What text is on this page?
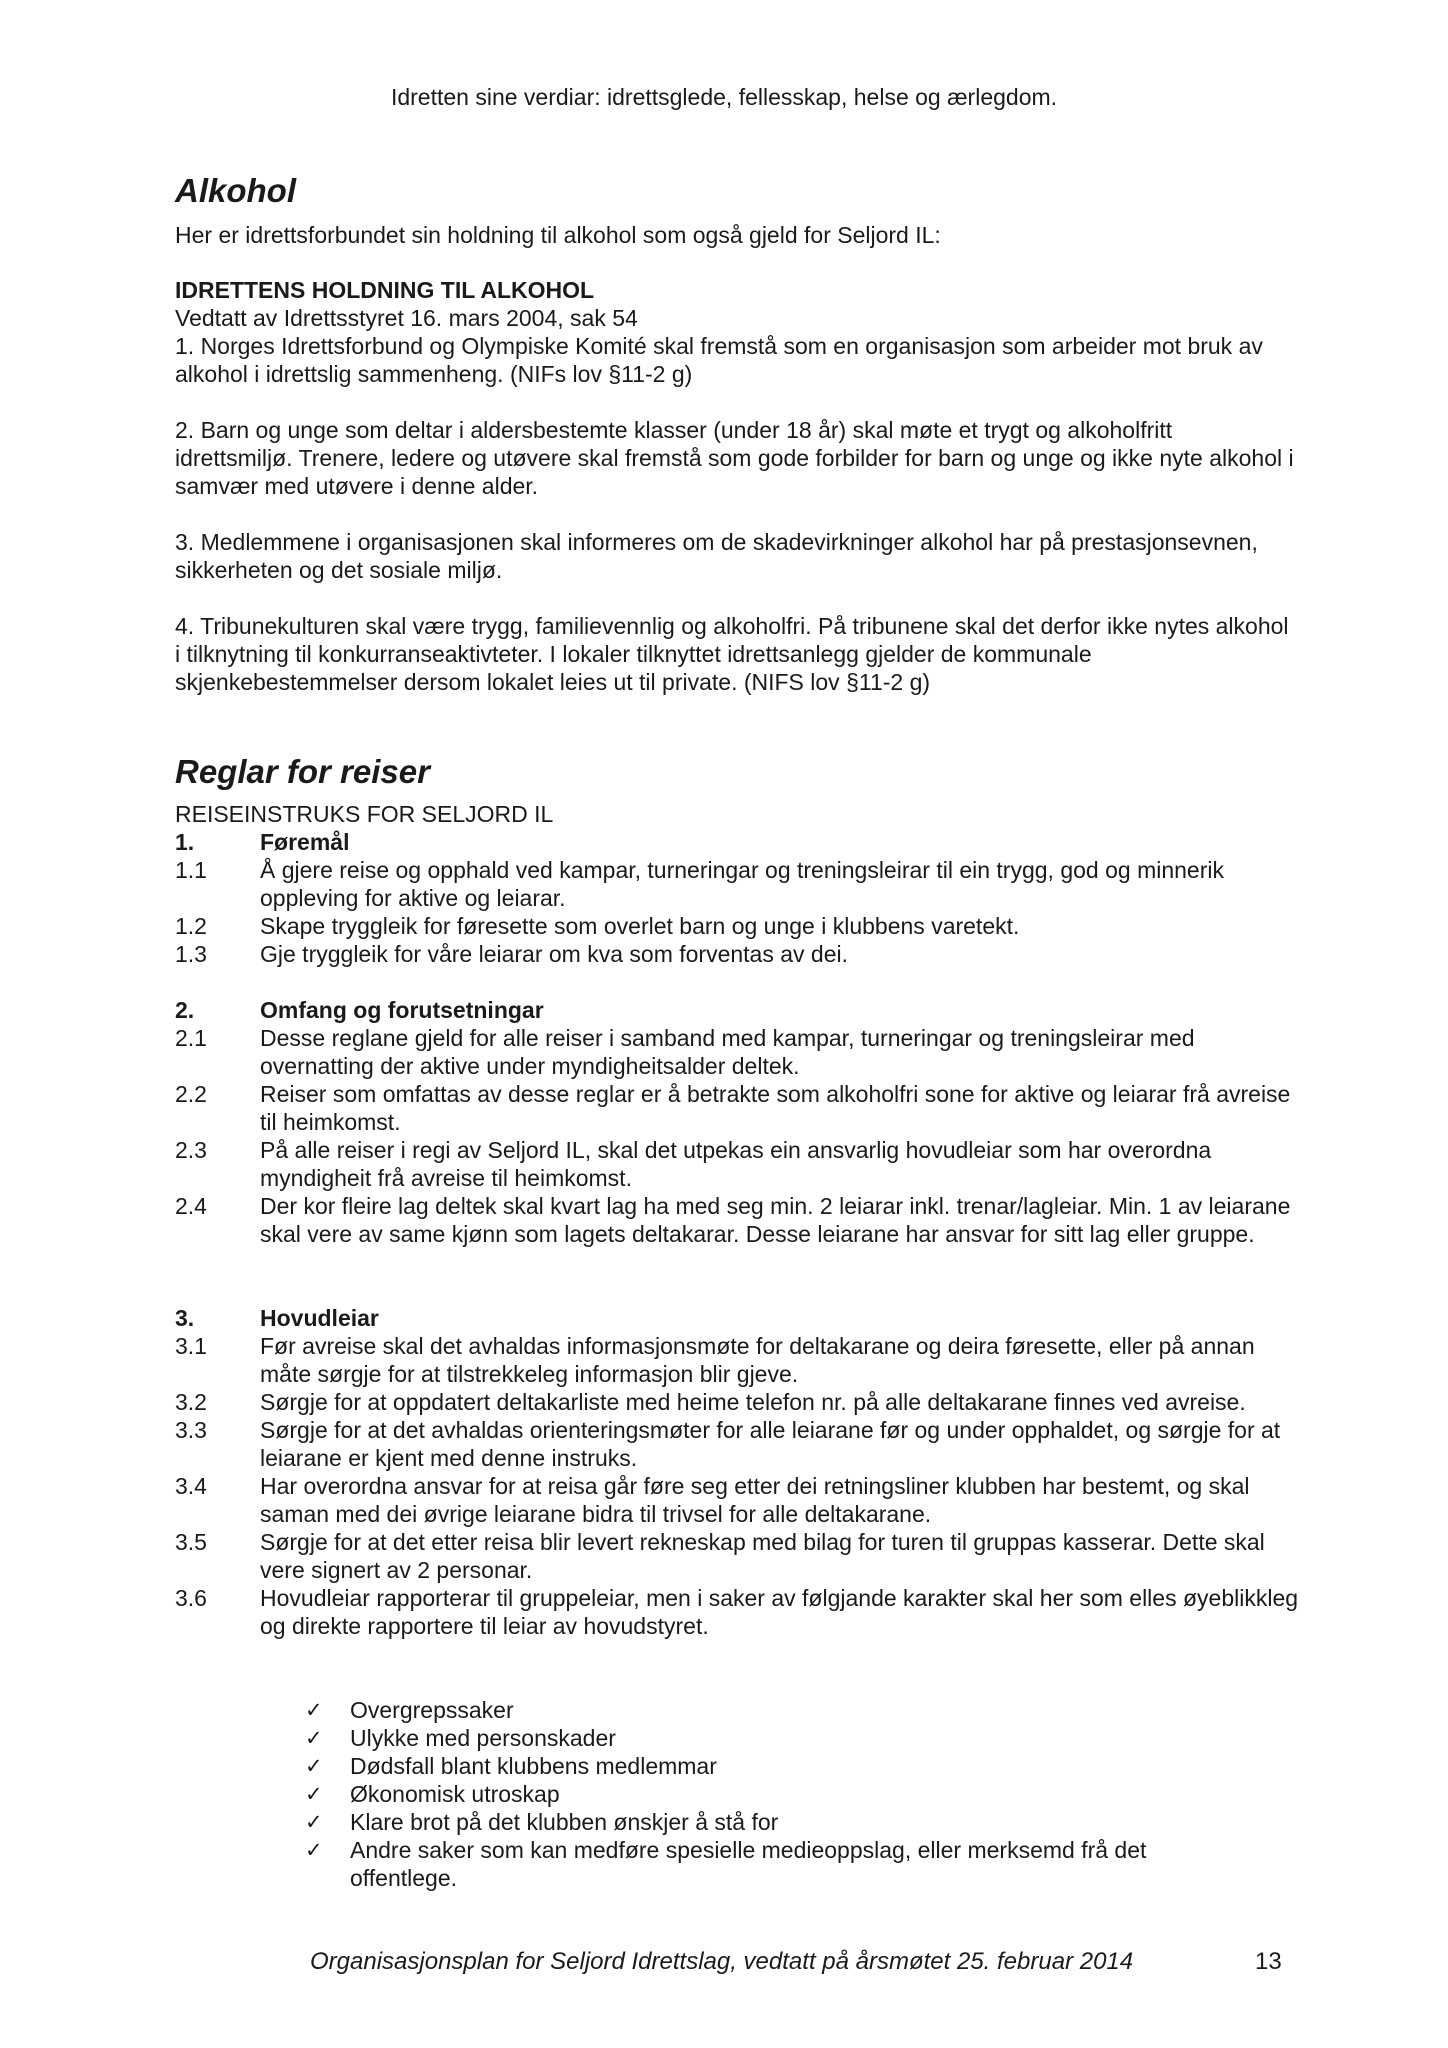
Idretten sine verdiar: idrettsglede, fellesskap, helse og ærlegdom.

Alkohol

Her er idrettsforbundet sin holdning til alkohol som også gjeld for Seljord IL:

IDRETTENS HOLDNING TIL ALKOHOL

Vedtatt av Idrettsstyret 16. mars 2004, sak 54

1. Norges Idrettsforbund og Olympiske Komité skal fremstå som en organisasjon som arbeider mot bruk av alkohol i idrettslig sammenheng. (NIFs lov §11-2 g)

2. Barn og unge som deltar i aldersbestemte klasser (under 18 år) skal møte et trygt og alkoholfritt idrettsmiljø. Trenere, ledere og utøvere skal fremstå som gode forbilder for barn og unge og ikke nyte alkohol i samvær med utøvere i denne alder.

3. Medlemmene i organisasjonen skal informeres om de skadevirkninger alkohol har på prestasjonsevnen, sikkerheten og det sosiale miljø.

4. Tribunekulturen skal være trygg, familievennlig og alkoholfri. På tribunene skal det derfor ikke nytes alkohol i tilknytning til konkurranseaktivteter. I lokaler tilknyttet idrettsanlegg gjelder de kommunale skjenkebestemmelser dersom lokalet leies ut til private. (NIFS lov §11-2 g)

Reglar for reiser

REISEINSTRUKS FOR SELJORD IL

1.	Føremål
1.1	Å gjere reise og opphald ved kampar, turneringar og treningsleirar til ein trygg, god og minnerik oppleving for aktive og leiarar.
1.2	Skape tryggleik for føresette som overlet barn og unge i klubbens varetekt.
1.3	Gje tryggleik for våre leiarar om kva som forventas av dei.
2.	Omfang og forutsetningar
2.1	Desse reglane gjeld for alle reiser i samband med kampar, turneringar og treningsleirar med overnatting der aktive under myndigheitsalder deltek.
2.2	Reiser som omfattas av desse reglar er å betrakte som alkoholfri sone for aktive og leiarar frå avreise til heimkomst.
2.3	På alle reiser i regi av Seljord IL, skal det utpekas ein ansvarlig hovudleiar som har overordna myndigheit frå avreise til heimkomst.
2.4	Der kor fleire lag deltek skal kvart lag ha med seg min. 2 leiarar inkl. trenar/lagleiar. Min. 1 av leiarane skal vere av same kjønn som lagets deltakarar. Desse leiarane har ansvar for sitt lag eller gruppe.
3.	Hovudleiar
3.1	Før avreise skal det avhaldas informasjonsmøte for deltakarane og deira føresette, eller på annan måte sørgje for at tilstrekkeleg informasjon blir gjeve.
3.2	Sørgje for at oppdatert deltakarliste med heime telefon nr. på alle deltakarane finnes ved avreise.
3.3	Sørgje for at det avhaldas orienteringsmøter for alle leiarane før og under opphaldet, og sørgje for at leiarane er kjent med denne instruks.
3.4	Har overordna ansvar for at reisa går føre seg etter dei retningsliner klubben har bestemt, og skal saman med dei øvrige leiarane bidra til trivsel for alle deltakarane.
3.5	Sørgje for at det etter reisa blir levert rekneskap med bilag for turen til gruppas kasserar. Dette skal vere signert av 2 personar.
3.6	Hovudleiar rapporterar til gruppeleiar, men i saker av følgjande karakter skal her som elles øyeblikkleg og direkte rapportere til leiar av hovudstyret.
✓	Overgrepssaker
✓	Ulykke med personskader
✓	Dødsfall blant klubbens medlemmar
✓	Økonomisk utroskap
✓	Klare brot på det klubben ønskjer å stå for
✓	Andre saker som kan medføre spesielle medieoppslag, eller merksemd frå det offentlege.

Organisasjonsplan for Seljord Idrettslag, vedtatt på årsmøtet 25. februar 2014	13
